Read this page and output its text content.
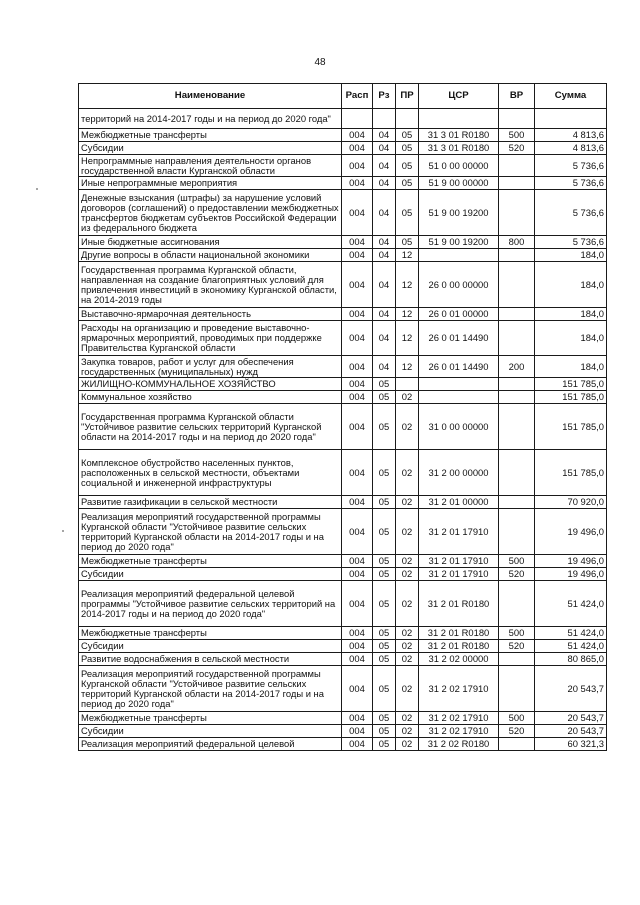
48
Наименование	Расп	Рз	ПР	ЦСР	ВР	Сумма
территорий на 2014-2017 годы и на период до 2020 года"						
Межбюджетные трансферты	004	04	05	31 3 01 R0180	500	4 813,6
Субсидии	004	04	05	31 3 01 R0180	520	4 813,6
Непрограммные направления деятельности органов государственной власти Курганской области	004	04	05	51 0 00 00000		5 736,6
Иные непрограммные мероприятия	004	04	05	51 9 00 00000		5 736,6
Денежные взыскания (штрафы) за нарушение условий договоров (соглашений) о предоставлении межбюджетных трансфертов бюджетам субъектов Российской Федерации из федерального бюджета	004	04	05	51 9 00 19200		5 736,6
Иные бюджетные ассигнования	004	04	05	51 9 00 19200	800	5 736,6
Другие вопросы в области национальной экономики	004	04	12			184,0
Государственная программа Курганской области, направленная на создание благоприятных условий для привлечения инвестиций в экономику Курганской области, на 2014-2019 годы	004	04	12	26 0 00 00000		184,0
Выставочно-ярмарочная деятельность	004	04	12	26 0 01 00000		184,0
Расходы на организацию и проведение выставочно-ярмарочных мероприятий, проводимых при поддержке Правительства Курганской области	004	04	12	26 0 01 14490		184,0
Закупка товаров, работ и услуг для обеспечения государственных (муниципальных) нужд	004	04	12	26 0 01 14490	200	184,0
ЖИЛИЩНО-КОММУНАЛЬНОЕ ХОЗЯЙСТВО	004	05				151 785,0
Коммунальное хозяйство	004	05	02			151 785,0
Государственная программа Курганской области "Устойчивое развитие сельских территорий Курганской области на 2014-2017 годы и на период до 2020 года"	004	05	02	31 0 00 00000		151 785,0
Комплексное обустройство населенных пунктов, расположенных в сельской местности, объектами социальной и инженерной инфраструктуры	004	05	02	31 2 00 00000		151 785,0
Развитие газификации в сельской местности	004	05	02	31 2 01 00000		70 920,0
Реализация мероприятий государственной программы Курганской области "Устойчивое развитие сельских территорий Курганской области на 2014-2017 годы и на период до 2020 года"	004	05	02	31 2 01 17910		19 496,0
Межбюджетные трансферты	004	05	02	31 2 01 17910	500	19 496,0
Субсидии	004	05	02	31 2 01 17910	520	19 496,0
Реализация мероприятий федеральной целевой программы "Устойчивое развитие сельских территорий на 2014-2017 годы и на период до 2020 года"	004	05	02	31 2 01 R0180		51 424,0
Межбюджетные трансферты	004	05	02	31 2 01 R0180	500	51 424,0
Субсидии	004	05	02	31 2 01 R0180	520	51 424,0
Развитие водоснабжения в сельской местности	004	05	02	31 2 02 00000		80 865,0
Реализация мероприятий государственной программы Курганской области "Устойчивое развитие сельских территорий Курганской области на 2014-2017 годы и на период до 2020 года"	004	05	02	31 2 02 17910		20 543,7
Межбюджетные трансферты	004	05	02	31 2 02 17910	500	20 543,7
Субсидии	004	05	02	31 2 02 17910	520	20 543,7
Реализация мероприятий федеральной целевой	004	05	02	31 2 02 R0180		60 321,3
